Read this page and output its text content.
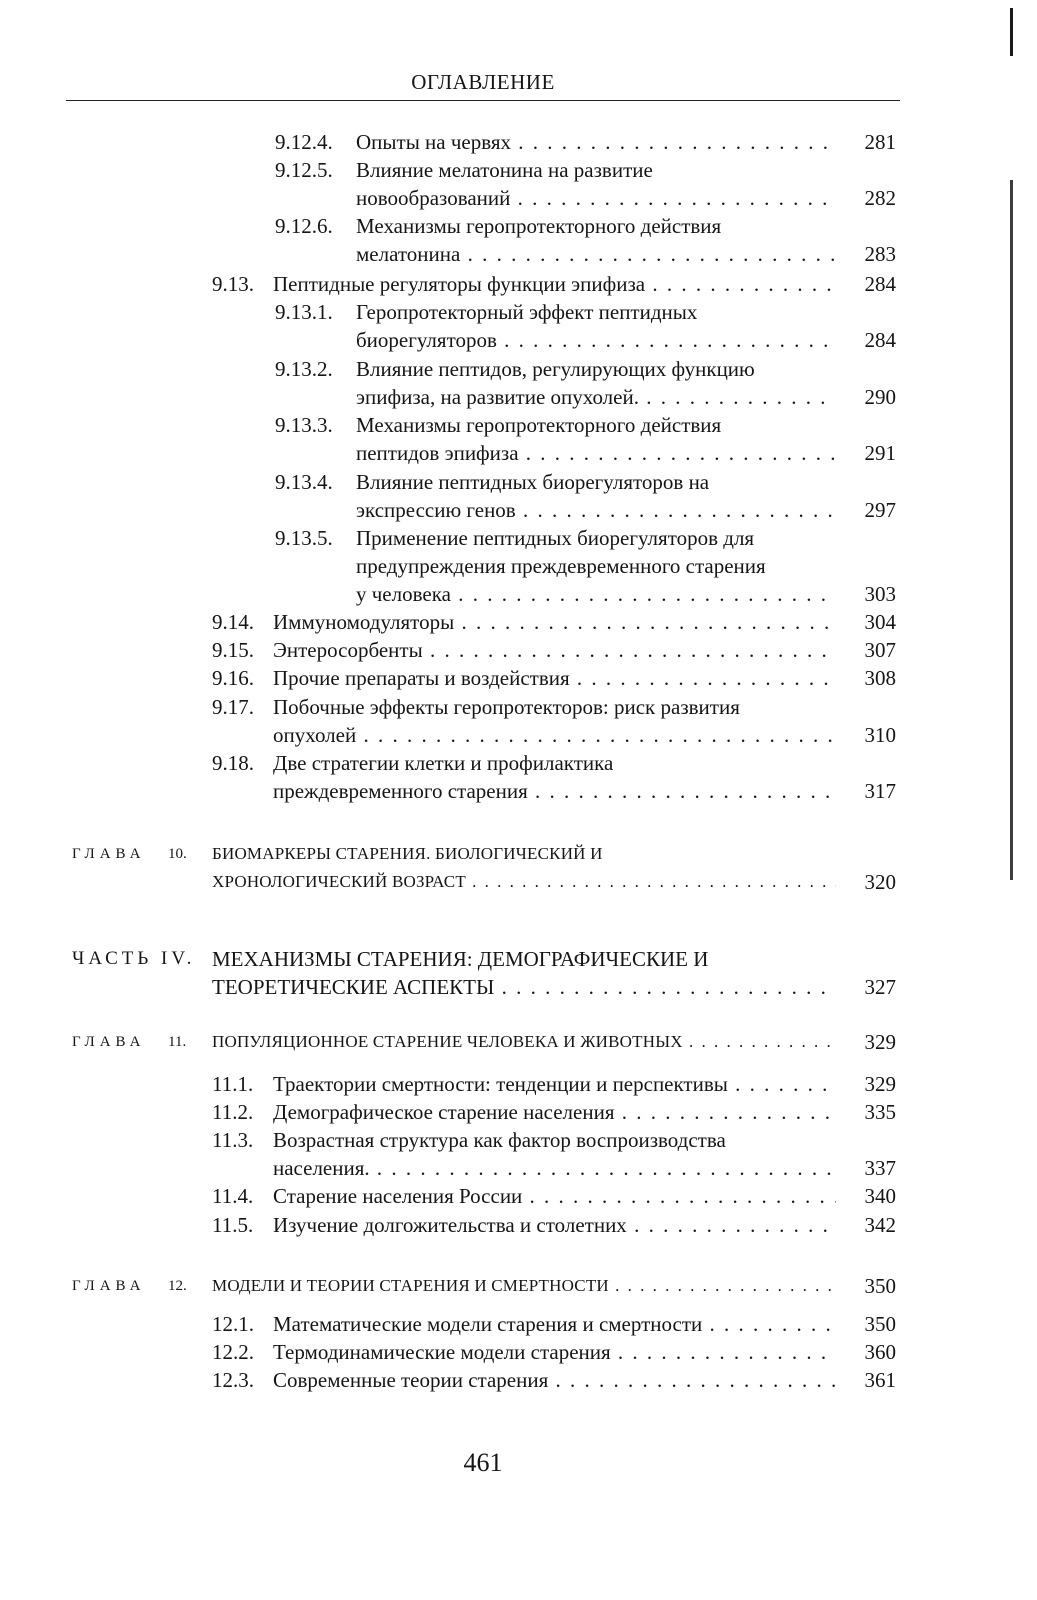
ОГЛАВЛЕНИЕ
9.12.4. Опыты на червях . . .	281
9.12.5. Влияние мелатонина на развитие
новообразований . . .	282
9.12.6. Механизмы геропротекторного действия
мелатонина . . .	283
9.13. Пептидные регуляторы функции эпифиза . . .	284
9.13.1. Геропротекторный эффект пептидных
биорегуляторов . . .	284
9.13.2. Влияние пептидов, регулирующих функцию
эпифиза, на развитие опухолей. . . .	290
9.13.3. Механизмы геропротекторного действия
пептидов эпифиза . . .	291
9.13.4. Влияние пептидных биорегуляторов на
экспрессию генов . . .	297
9.13.5. Применение пептидных биорегуляторов для
предупреждения преждевременного старения
у человека . . .	303
9.14. Иммуномодуляторы . . .	304
9.15. Энтеросорбенты . . .	307
9.16. Прочие препараты и воздействия . . .	308
9.17. Побочные эффекты геропротекторов: риск развития
опухолей . . .	310
9.18. Две стратегии клетки и профилактика
преждевременного старения . . .	317
ГЛАВА 10. БИОМАРКЕРЫ СТАРЕНИЯ. БИОЛОГИЧЕСКИЙ И
ХРОНОЛОГИЧЕСКИЙ ВОЗРАСТ . . .	320
ЧАСТЬ IV. МЕХАНИЗМЫ СТАРЕНИЯ: ДЕМОГРАФИЧЕСКИЕ И
ТЕОРЕТИЧЕСКИЕ АСПЕКТЫ . . .	327
ГЛАВА 11. ПОПУЛЯЦИОННОЕ СТАРЕНИЕ ЧЕЛОВЕКА И ЖИВОТНЫХ . . .	329
11.1. Траектории смертности: тенденции и перспективы . . .	329
11.2. Демографическое старение населения . . .	335
11.3. Возрастная структура как фактор воспроизводства
населения. . . .	337
11.4. Старение населения России . . .	340
11.5. Изучение долгожительства и столетних . . .	342
ГЛАВА 12. МОДЕЛИ И ТЕОРИИ СТАРЕНИЯ И СМЕРТНОСТИ . . .	350
12.1. Математические модели старения и смертности . . .	350
12.2. Термодинамические модели старения . . .	360
12.3. Современные теории старения . . .	361
461
